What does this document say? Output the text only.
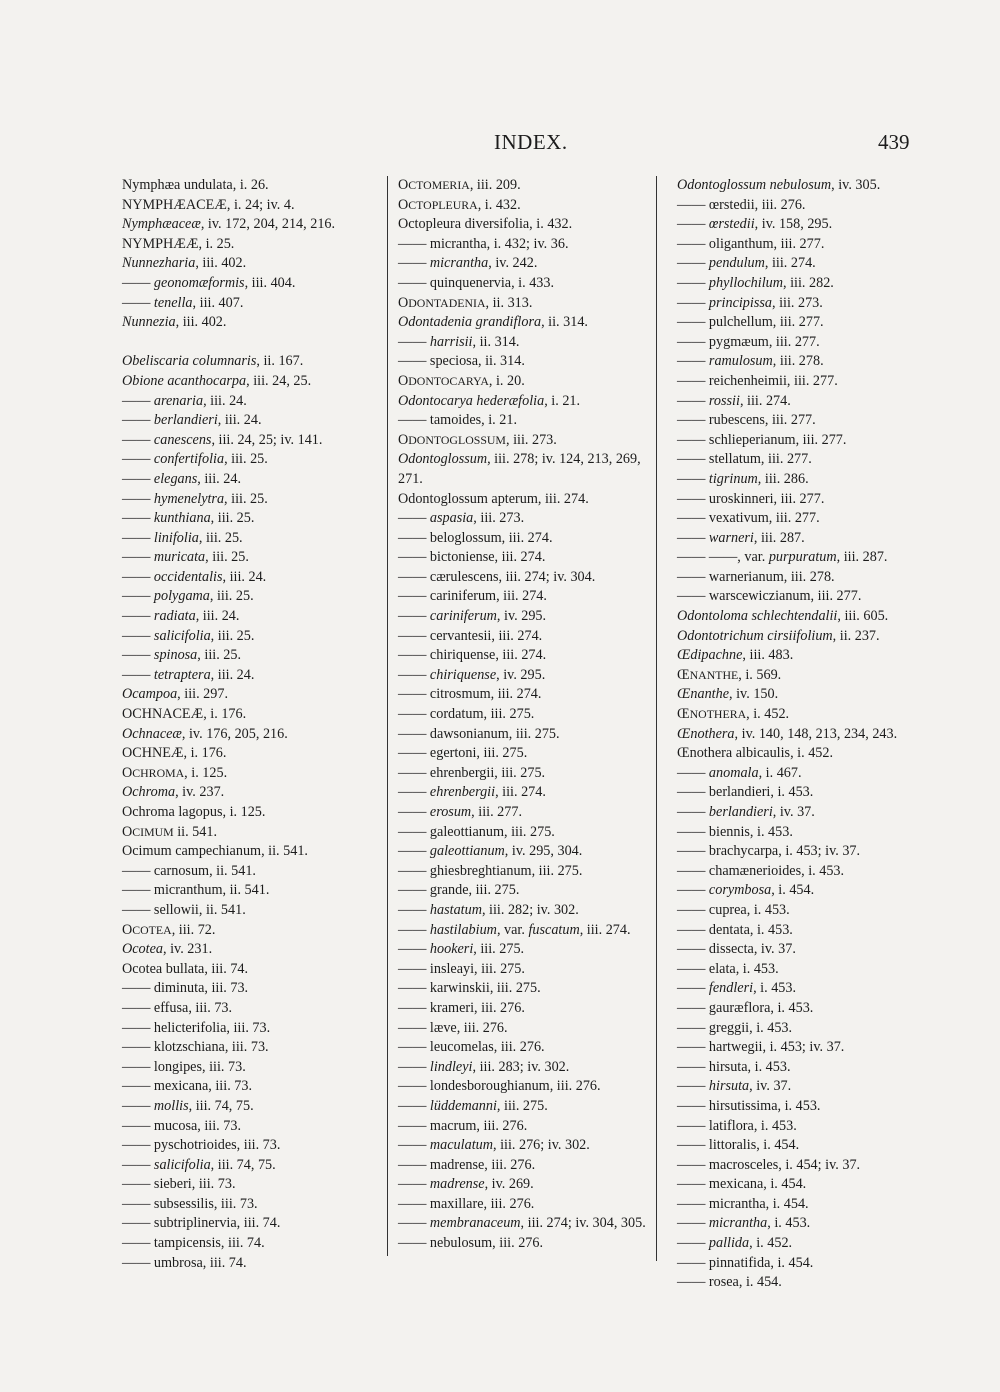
INDEX.	439
Nymphæa undulata, i. 26.
NYMPHÆACEÆ, i. 24; iv. 4.
Nymphæaceæ, iv. 172, 204, 214, 216.
NYMPHÆÆ, i. 25.
Nunnezharia, iii. 402.
—— geonomæformis, iii. 404.
—— tenella, iii. 407.
Nunnezia, iii. 402.
Obeliscaria columnaris, ii. 167.
Obione acanthocarpa, iii. 24, 25.
—— arenaria, iii. 24.
—— berlandieri, iii. 24.
—— canescens, iii. 24, 25; iv. 141.
—— confertifolia, iii. 25.
—— elegans, iii. 24.
—— hymenelytra, iii. 25.
—— kunthiana, iii. 25.
—— linifolia, iii. 25.
—— muricata, iii. 25.
—— occidentalis, iii. 24.
—— polygama, iii. 25.
—— radiata, iii. 24.
—— salicifolia, iii. 25.
—— spinosa, iii. 25.
—— tetraptera, iii. 24.
Ocampoa, iii. 297.
OCHNACEÆ, i. 176.
Ochnaceæ, iv. 176, 205, 216.
OCHNEÆ, i. 176.
OCHROMA, i. 125.
Ochroma, iv. 237.
Ochroma lagopus, i. 125.
OCIMUM ii. 541.
Ocimum campechianum, ii. 541.
—— carnosum, ii. 541.
—— micranthum, ii. 541.
—— sellowii, ii. 541.
OCOTEA, iii. 72.
Ocotea, iv. 231.
Ocotea bullata, iii. 74.
—— diminuta, iii. 73.
—— effusa, iii. 73.
—— helicterifolia, iii. 73.
—— klotzschiana, iii. 73.
—— longipes, iii. 73.
—— mexicana, iii. 73.
—— mollis, iii. 74, 75.
—— mucosa, iii. 73.
—— pyschotrioides, iii. 73.
—— salicifolia, iii. 74, 75.
—— sieberi, iii. 73.
—— subsessilis, iii. 73.
—— subtriplinervia, iii. 74.
—— tampicensis, iii. 74.
—— umbrosa, iii. 74.
OCTOMERIA, iii. 209.
OCTOPLEURA, i. 432.
Octopleura diversifolia, i. 432.
—— micrantha, i. 432; iv. 36.
—— micrantha, iv. 242.
—— quinquenervia, i. 433.
ODONTADENIA, ii. 313.
Odontadenia grandiflora, ii. 314.
—— harrisii, ii. 314.
—— speciosa, ii. 314.
ODONTOCARYA, i. 20.
Odontocarya hederæfolia, i. 21.
—— tamoides, i. 21.
ODONTOGLOSSUM, iii. 273.
Odontoglossum, iii. 278; iv. 124, 213, 269, 271.
Odontoglossum apterum, iii. 274.
—— aspasia, iii. 273.
—— beloglossum, iii. 274.
—— bictoniense, iii. 274.
—— cærulescens, iii. 274; iv. 304.
—— cariniferum, iii. 274.
—— cariniferum, iv. 295.
—— cervantesii, iii. 274.
—— chiriquense, iii. 274.
—— chiriquense, iv. 295.
—— citrosmum, iii. 274.
—— cordatum, iii. 275.
—— dawsonianum, iii. 275.
—— egertoni, iii. 275.
—— ehrenbergii, iii. 275.
—— ehrenbergii, iii. 274.
—— erosum, iii. 277.
—— galeottianum, iii. 275.
—— galeottianum, iv. 295, 304.
—— ghiesbreghtianum, iii. 275.
—— grande, iii. 275.
—— hastatum, iii. 282; iv. 302.
—— hastilabium, var. fuscatum, iii. 274.
—— hookeri, iii. 275.
—— insleayi, iii. 275.
—— karwinskii, iii. 275.
—— krameri, iii. 276.
—— læve, iii. 276.
—— leucomelas, iii. 276.
—— lindleyi, iii. 283; iv. 302.
—— londesboroughianum, iii. 276.
—— lüddemanni, iii. 275.
—— macrum, iii. 276.
—— maculatum, iii. 276; iv. 302.
—— madrense, iii. 276.
—— madrense, iv. 269.
—— maxillare, iii. 276.
—— membranaceum, iii. 274; iv. 304, 305.
—— nebulosum, iii. 276.
Odontoglossum nebulosum, iv. 305.
—— œrstedii, iii. 276.
—— œrstedii, iv. 158, 295.
—— oliganthum, iii. 277.
—— pendulum, iii. 274.
—— phyllochilum, iii. 282.
—— principissa, iii. 273.
—— pulchellum, iii. 277.
—— pygmæum, iii. 277.
—— ramulosum, iii. 278.
—— reichenheimii, iii. 277.
—— rossii, iii. 274.
—— rubescens, iii. 277.
—— schlieperianum, iii. 277.
—— stellatum, iii. 277.
—— tigrinum, iii. 286.
—— uroskinneri, iii. 277.
—— vexativum, iii. 277.
—— warneri, iii. 287.
—— ——, var. purpuratum, iii. 287.
—— warnerianum, iii. 278.
—— warscewiczianum, iii. 277.
Odontoloma schlechtendalii, iii. 605.
Odontotrichum cirsiifolium, ii. 237.
Œdipachne, iii. 483.
ŒNANTHE, i. 569.
Œnanthe, iv. 150.
ŒNOTHERA, i. 452.
Œnothera, iv. 140, 148, 213, 234, 243.
Œnothera albicaulis, i. 452.
—— anomala, i. 467.
—— berlandieri, i. 453.
—— berlandieri, iv. 37.
—— biennis, i. 453.
—— brachycarpa, i. 453; iv. 37.
—— chamænerioides, i. 453.
—— corymbosa, i. 454.
—— cuprea, i. 453.
—— dentata, i. 453.
—— dissecta, iv. 37.
—— elata, i. 453.
—— fendleri, i. 453.
—— gauræflora, i. 453.
—— greggii, i. 453.
—— hartwegii, i. 453; iv. 37.
—— hirsuta, i. 453.
—— hirsuta, iv. 37.
—— hirsutissima, i. 453.
—— latiflora, i. 453.
—— littoralis, i. 454.
—— macrosceles, i. 454; iv. 37.
—— mexicana, i. 454.
—— micrantha, i. 454.
—— micrantha, i. 453.
—— pallida, i. 452.
—— pinnatifida, i. 454.
—— rosea, i. 454.
